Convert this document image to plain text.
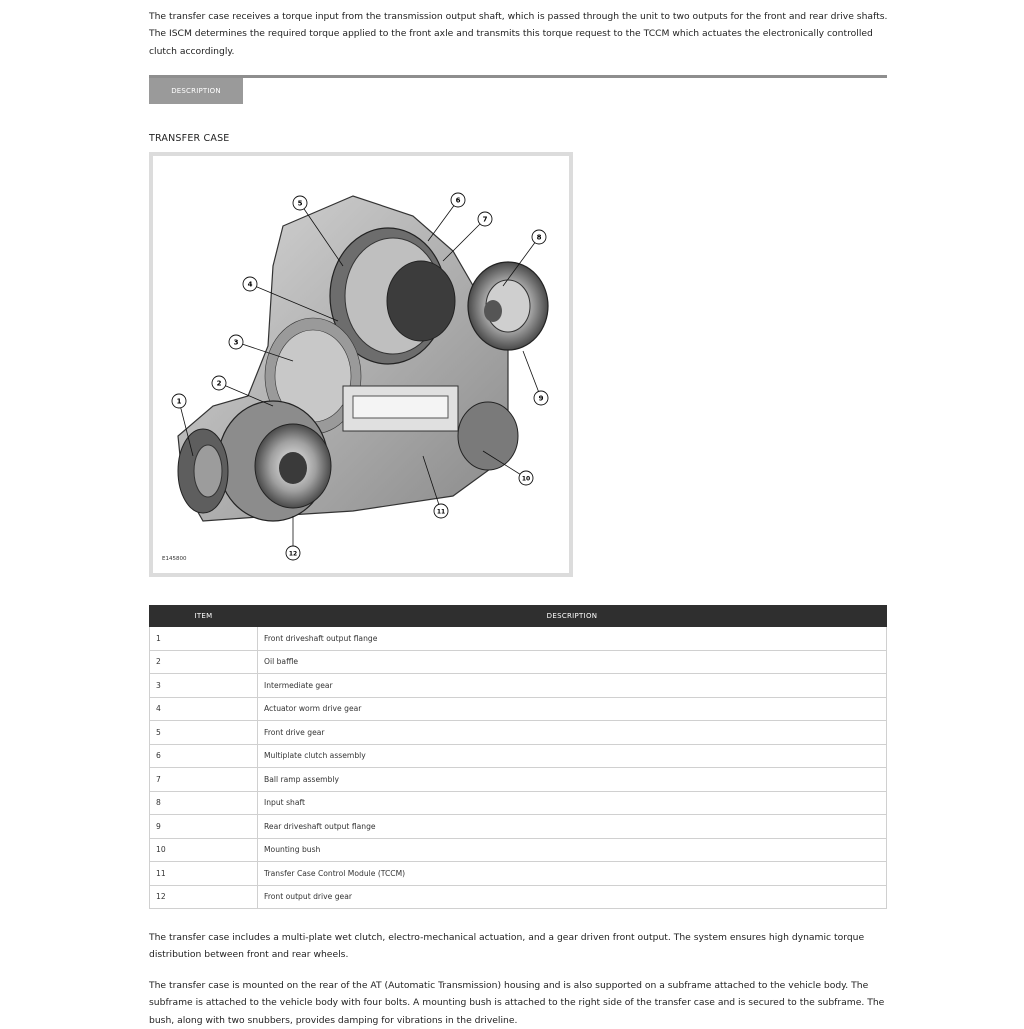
The transfer case receives a torque input from the transmission output shaft, which is passed through the unit to two outputs for the front and rear drive shafts. The ISCM determines the required torque applied to the front axle and transmits this torque request to the TCCM which actuates the electronically controlled clutch accordingly.
DESCRIPTION
TRANSFER CASE
1
2
3
4
5	6
7
8
9
10
11
12
E145800
ITEM	DESCRIPTION
1	Front driveshaft output flange
2	Oil baffle
3	Intermediate gear
4	Actuator worm drive gear
5	Front drive gear
6	Multiplate clutch assembly
7	Ball ramp assembly
8	Input shaft
9	Rear driveshaft output flange
10	Mounting bush
11	Transfer Case Control Module (TCCM)
12	Front output drive gear
The transfer case includes a multi-plate wet clutch, electro-mechanical actuation, and a gear driven front output. The system ensures high dynamic torque distribution between front and rear wheels.
The transfer case is mounted on the rear of the AT (Automatic Transmission) housing and is also supported on a subframe attached to the vehicle body. The subframe is attached to the vehicle body with four bolts. A mounting bush is attached to the right side of the transfer case and is secured to the subframe. The bush, along with two snubbers, provides damping for vibrations in the driveline.
